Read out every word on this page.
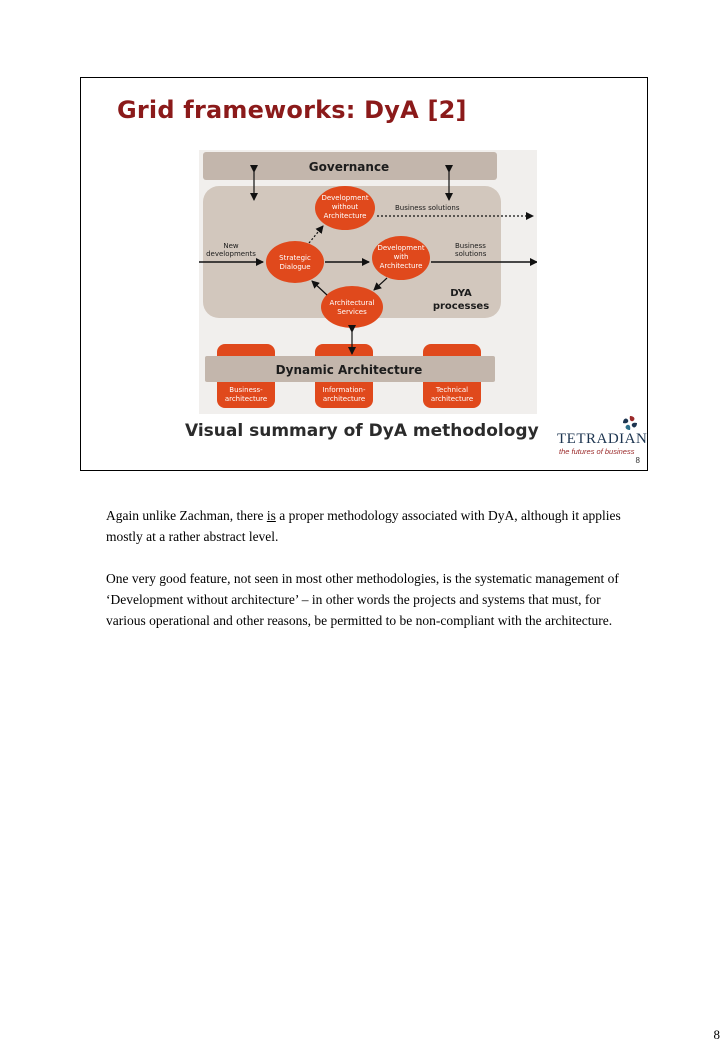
Grid frameworks: DyA [2]
Governance
Dynamic Architecture
Business-
architecture
Information-
architecture
Technical
architecture
Development
without
Architecture
Strategic
Dialogue
Development
with
Architecture
Architectural
Services
New
developments
Business
solutions
Business solutions
DYA
processes
Visual summary of DyA methodology TETRADIAN
the futures of business
8

Again unlike Zachman, there is a proper methodology associated with DyA, although it applies mostly at a rather abstract level.

One very good feature, not seen in most other methodologies, is the systematic management of ‘Development without architecture’ – in other words the projects and systems that must, for various operational and other reasons, be permitted to be non-compliant with the architecture.

8
